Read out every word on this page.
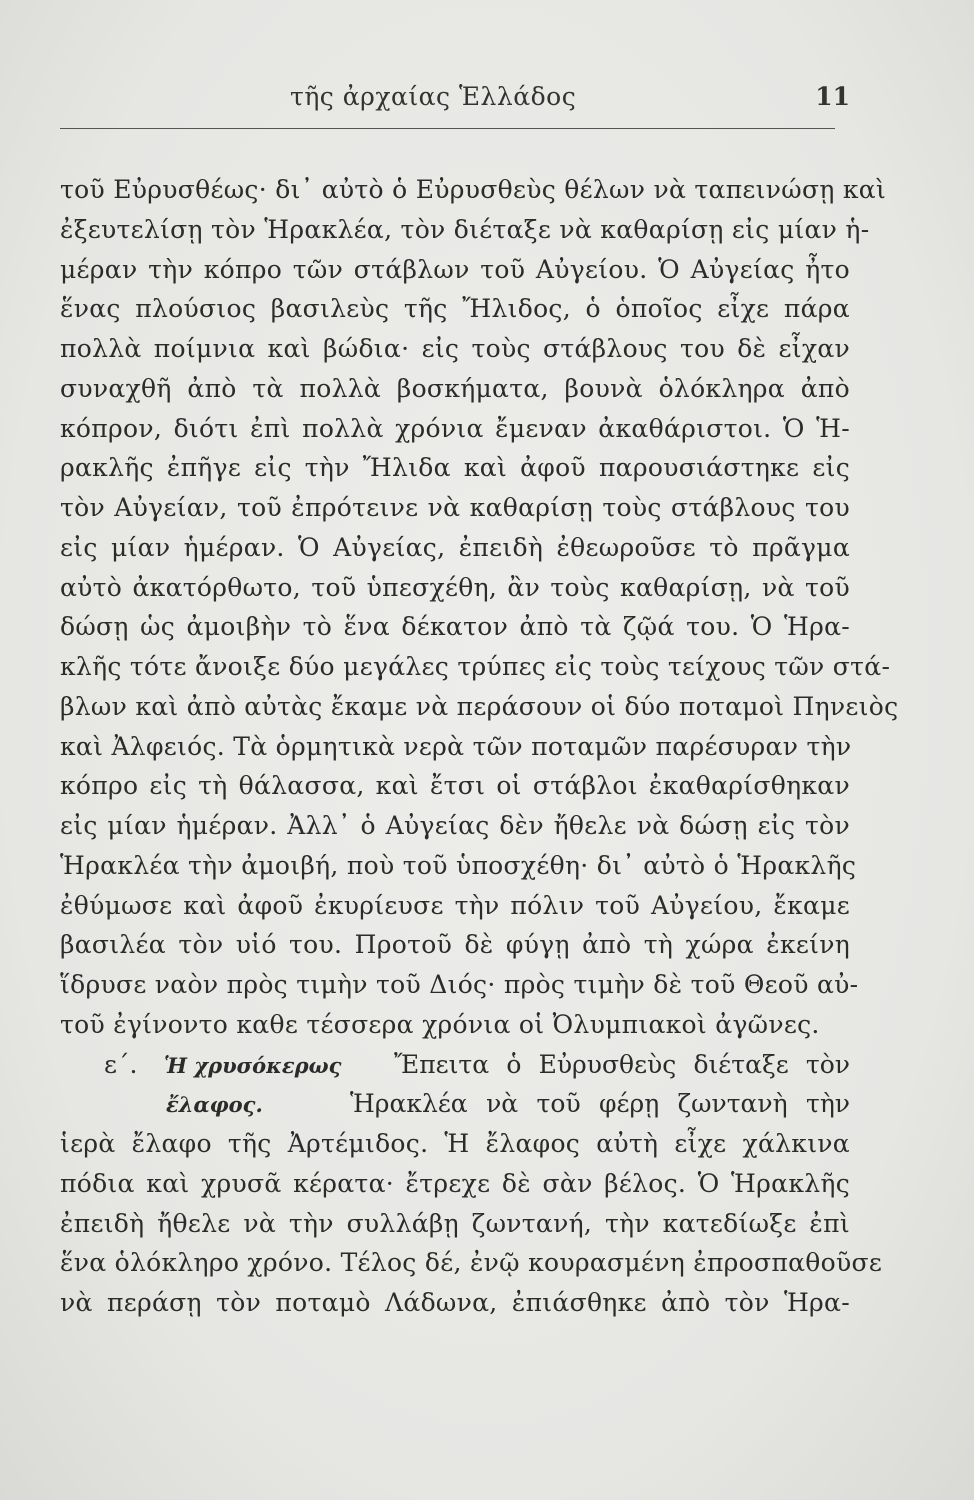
τῆς ἀρχαίας Ἑλλάδος	11
τοῦ Εὐρυσθέως· δι᾽ αὐτὸ ὁ Εὐρυσθεὺς θέλων νὰ ταπεινώσῃ καὶ
ἐξευτελίσῃ τὸν Ἡρακλέα, τὸν διέταξε νὰ καθαρίσῃ εἰς μίαν ἡ-
μέραν τὴν κόπρο τῶν στάβλων τοῦ Αὐγείου. Ὁ Αὐγείας ἦτο
ἕνας πλούσιος βασιλεὺς τῆς Ἤλιδος, ὁ ὁποῖος εἶχε πάρα
πολλὰ ποίμνια καὶ βώδια· εἰς τοὺς στάβλους του δὲ εἶχαν
συναχθῆ ἀπὸ τὰ πολλὰ βοσκήματα, βουνὰ ὁλόκληρα ἀπὸ
κόπρον, διότι ἐπὶ πολλὰ χρόνια ἔμεναν ἀκαθάριστοι. Ὁ Ἡ-
ρακλῆς ἐπῆγε εἰς τὴν Ἤλιδα καὶ ἀφοῦ παρουσιάστηκε εἰς
τὸν Αὐγείαν, τοῦ ἐπρότεινε νὰ καθαρίσῃ τοὺς στάβλους του
εἰς μίαν ἡμέραν. Ὁ Αὐγείας, ἐπειδὴ ἐθεωροῦσε τὸ πρᾶγμα
αὐτὸ ἀκατόρθωτο, τοῦ ὑπεσχέθη, ἂν τοὺς καθαρίσῃ, νὰ τοῦ
δώσῃ ὡς ἀμοιβὴν τὸ ἕνα δέκατον ἀπὸ τὰ ζῷά του. Ὁ Ἡρα-
κλῆς τότε ἄνοιξε δύο μεγάλες τρύπες εἰς τοὺς τείχους τῶν στά-
βλων καὶ ἀπὸ αὐτὰς ἔκαμε νὰ περάσουν οἱ δύο ποταμοὶ Πηνειὸς
καὶ Ἀλφειός. Τὰ ὁρμητικὰ νερὰ τῶν ποταμῶν παρέσυραν τὴν
κόπρο εἰς τὴ θάλασσα, καὶ ἔτσι οἱ στάβλοι ἐκαθαρίσθηκαν
εἰς μίαν ἡμέραν. Ἀλλ᾽ ὁ Αὐγείας δὲν ἤθελε νὰ δώσῃ εἰς τὸν
Ἡρακλέα τὴν ἀμοιβή, ποὺ τοῦ ὑποσχέθη· δι᾽ αὐτὸ ὁ Ἡρακλῆς
ἐθύμωσε καὶ ἀφοῦ ἐκυρίευσε τὴν πόλιν τοῦ Αὐγείου, ἔκαμε
βασιλέα τὸν υἱό του. Προτοῦ δὲ φύγῃ ἀπὸ τὴ χώρα ἐκείνη
ἵδρυσε ναὸν πρὸς τιμὴν τοῦ Διός· πρὸς τιμὴν δὲ τοῦ Θεοῦ αὐ-
τοῦ ἐγίνοντο καθε τέσσερα χρόνια οἱ Ὀλυμπιακοὶ ἀγῶνες.
ε΄.	Ἡ χρυσόκερως	Ἔπειτα ὁ Εὐρυσθεὺς διέταξε τὸν
ἔλαφος.	Ἡρακλέα νὰ τοῦ φέρῃ ζωντανὴ τὴν
ἱερὰ ἔλαφο τῆς Ἀρτέμιδος. Ἡ ἔλαφος αὐτὴ εἶχε χάλκινα
πόδια καὶ χρυσᾶ κέρατα· ἔτρεχε δὲ σὰν βέλος. Ὁ Ἡρακλῆς
ἐπειδὴ ἤθελε νὰ τὴν συλλάβῃ ζωντανή, τὴν κατεδίωξε ἐπὶ
ἕνα ὁλόκληρο χρόνο. Τέλος δέ, ἐνῷ κουρασμένη ἐπροσπαθοῦσε
νὰ περάσῃ τὸν ποταμὸ Λάδωνα, ἐπιάσθηκε ἀπὸ τὸν Ἡρα-
